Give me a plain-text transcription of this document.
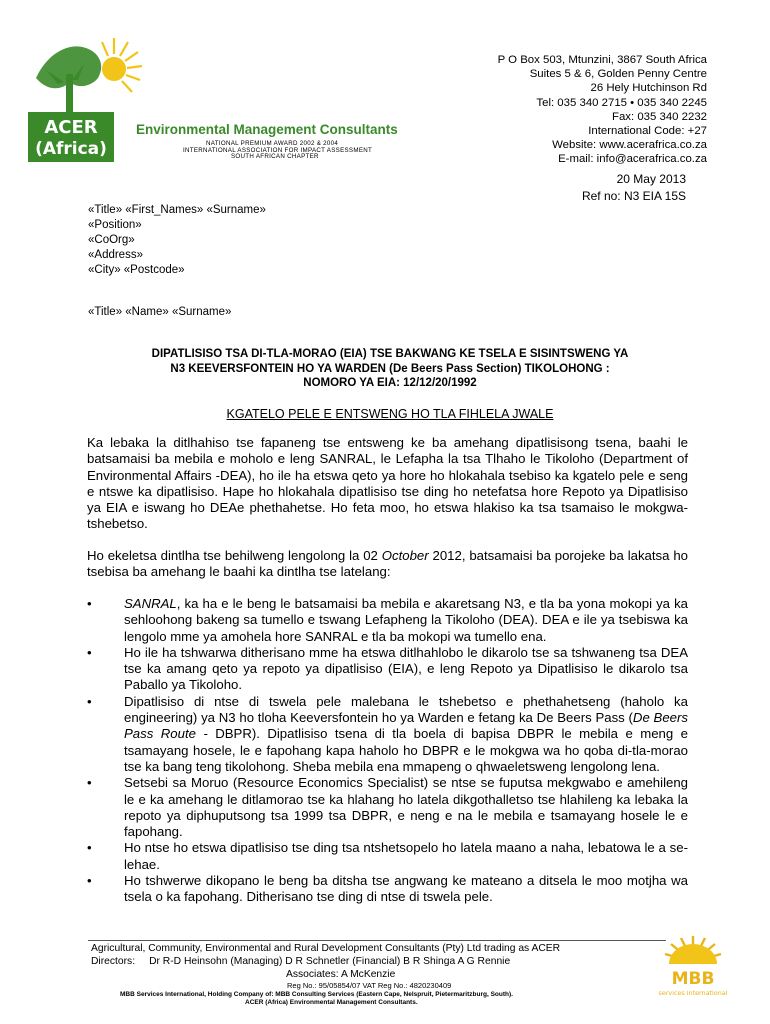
ACER
(Africa)
Environmental Management Consultants
NATIONAL PREMIUM AWARD 2002 & 2004
INTERNATIONAL ASSOCIATION FOR IMPACT ASSESSMENT
SOUTH AFRICAN CHAPTER
P O Box 503, Mtunzini, 3867 South Africa
Suites 5 & 6, Golden Penny Centre
26 Hely Hutchinson Rd
Tel: 035 340 2715 • 035 340 2245
Fax: 035 340 2232
International Code: +27
Website: www.acerafrica.co.za
E-mail: info@acerafrica.co.za
20 May 2013
Ref no: N3 EIA 15S
«Title» «First_Names» «Surname»
«Position»
«CoOrg»
«Address»
«City» «Postcode»
«Title» «Name» «Surname»
DIPATLISISO TSA DI-TLA-MORAO (EIA) TSE BAKWANG KE TSELA E SISINTSWENG YA
N3 KEEVERSFONTEIN HO YA WARDEN (De Beers Pass Section) TIKOLOHONG :
NOMORO YA EIA: 12/12/20/1992
KGATELO PELE E ENTSWENG HO TLA FIHLELA JWALE
Ka lebaka la ditlhahiso tse fapaneng tse entsweng ke ba amehang dipatlisisong tsena, baahi le batsamaisi ba mebila e moholo e leng SANRAL, le Lefapha la tsa Tlhaho le Tikoloho (Department of Environmental Affairs -DEA), ho ile ha etswa qeto ya hore ho hlokahala tsebiso ka kgatelo pele e seng e ntswe ka dipatlisiso. Hape ho hlokahala dipatlisiso tse ding ho netefatsa hore Repoto ya Dipatlisiso ya EIA e iswang ho DEAe phethahetse. Ho feta moo, ho etswa hlakiso ka tsa tsamaiso le mokgwa-tshebetso.
Ho ekeletsa dintlha tse behilweng lengolong la 02 October 2012, batsamaisi ba porojeke ba lakatsa ho tsebisa ba amehang le baahi ka dintlha tse latelang:
• SANRAL, ka ha e le beng le batsamaisi ba mebila e akaretsang N3, e tla ba yona mokopi ya ka sehloohong bakeng sa tumello e tswang Lefapheng la Tikoloho (DEA). DEA e ile ya tsebiswa ka lengolo mme ya amohela hore SANRAL e tla ba mokopi wa tumello ena.
• Ho ile ha tshwarwa ditherisano mme ha etswa ditlhahlobo le dikarolo tse sa tshwaneng tsa DEA tse ka amang qeto ya repoto ya dipatlisiso (EIA), e leng Repoto ya Dipatlisiso le dikarolo tsa Paballo ya Tikoloho.
• Dipatlisiso di ntse di tswela pele malebana le tshebetso e phethahetseng (haholo ka engineering) ya N3 ho tloha Keeversfontein ho ya Warden e fetang ka De Beers Pass (De Beers Pass Route - DBPR). Dipatlisiso tsena di tla boela di bapisa DBPR le mebila e meng e tsamayang hosele, le e fapohang kapa haholo ho DBPR e le mokgwa wa ho qoba di-tla-morao tse ka bang teng tikolohong. Sheba mebila ena mmapeng o qhwaeletsweng lengolong lena.
• Setsebi sa Moruo (Resource Economics Specialist) se ntse se fuputsa mekgwabo e amehileng le e ka amehang le ditlamorao tse ka hlahang ho latela dikgothalletso tse hlahileng ka lebaka la repoto ya diphuputsong tsa 1999 tsa DBPR, e neng e na le mebila e tsamayang hosele le e fapohang.
• Ho ntse ho etswa dipatlisiso tse ding tsa ntshetsopelo ho latela maano a naha, lebatowa le a se-lehae.
• Ho tshwerwe dikopano le beng ba ditsha tse angwang ke mateano a ditsela le moo motjha wa tsela o ka fapohang. Ditherisano tse ding di ntse di tswela pele.
Agricultural, Community, Environmental and Rural Development Consultants (Pty) Ltd trading as ACER
Directors: Dr R-D Heinsohn (Managing) D R Schnetler (Financial) B R Shinga A G Rennie
Associates: A McKenzie
Reg No.: 95/05854/07 VAT Reg No.: 4820230409
MBB Services International, Holding Company of: MBB Consulting Services (Eastern Cape, Nelspruit, Pietermaritzburg, South).
ACER (Africa) Environmental Management Consultants.
MBB
services international
